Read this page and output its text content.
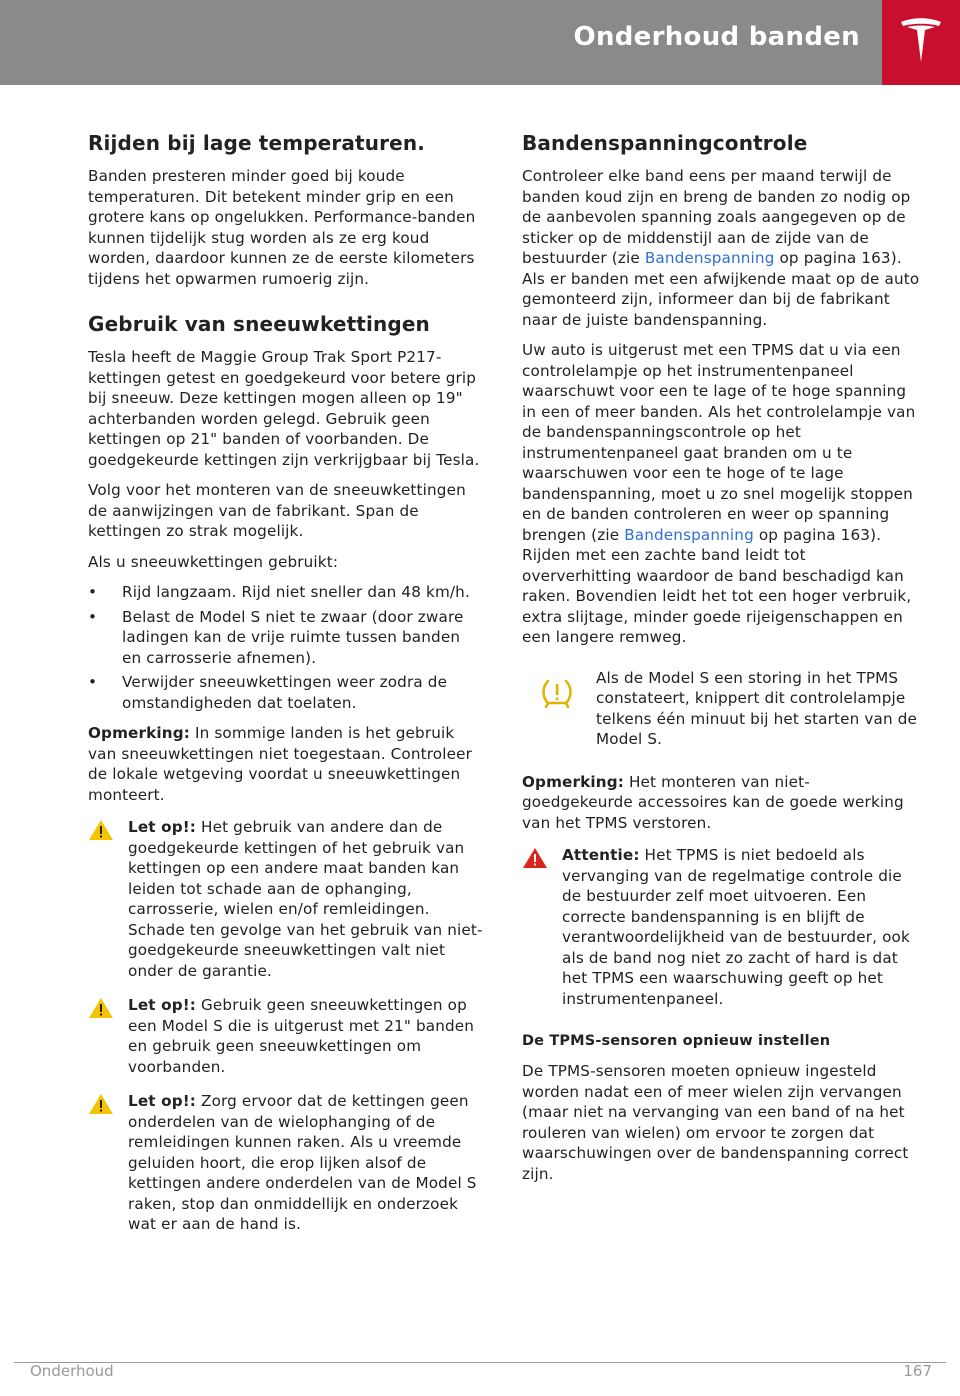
Onderhoud banden
Rijden bij lage temperaturen.

Banden presteren minder goed bij koude temperaturen. Dit betekent minder grip en een grotere kans op ongelukken. Performance-banden kunnen tijdelijk stug worden als ze erg koud worden, daardoor kunnen ze de eerste kilometers tijdens het opwarmen rumoerig zijn.

Gebruik van sneeuwkettingen

Tesla heeft de Maggie Group Trak Sport P217-kettingen getest en goedgekeurd voor betere grip bij sneeuw. Deze kettingen mogen alleen op 19" achterbanden worden gelegd. Gebruik geen kettingen op 21" banden of voorbanden. De goedgekeurde kettingen zijn verkrijgbaar bij Tesla.

Volg voor het monteren van de sneeuwkettingen de aanwijzingen van de fabrikant. Span de kettingen zo strak mogelijk.

Als u sneeuwkettingen gebruikt:

• Rijd langzaam. Rijd niet sneller dan 48 km/h.
• Belast de Model S niet te zwaar (door zware ladingen kan de vrije ruimte tussen banden en carrosserie afnemen).
• Verwijder sneeuwkettingen weer zodra de omstandigheden dat toelaten.

Opmerking: In sommige landen is het gebruik van sneeuwkettingen niet toegestaan. Controleer de lokale wetgeving voordat u sneeuwkettingen monteert.

Let op!: Het gebruik van andere dan de goedgekeurde kettingen of het gebruik van kettingen op een andere maat banden kan leiden tot schade aan de ophanging, carrosserie, wielen en/of remleidingen. Schade ten gevolge van het gebruik van niet-goedgekeurde sneeuwkettingen valt niet onder de garantie.
Let op!: Gebruik geen sneeuwkettingen op een Model S die is uitgerust met 21" banden en gebruik geen sneeuwkettingen om voorbanden.
Let op!: Zorg ervoor dat de kettingen geen onderdelen van de wielophanging of de remleidingen kunnen raken. Als u vreemde geluiden hoort, die erop lijken alsof de kettingen andere onderdelen van de Model S raken, stop dan onmiddellijk en onderzoek wat er aan de hand is.
Bandenspanningcontrole

Controleer elke band eens per maand terwijl de banden koud zijn en breng de banden zo nodig op de aanbevolen spanning zoals aangegeven op de sticker op de middenstijl aan de zijde van de bestuurder (zie Bandenspanning op pagina 163). Als er banden met een afwijkende maat op de auto gemonteerd zijn, informeer dan bij de fabrikant naar de juiste bandenspanning.

Uw auto is uitgerust met een TPMS dat u via een controlelampje op het instrumentenpaneel waarschuwt voor een te lage of te hoge spanning in een of meer banden. Als het controlelampje van de bandenspanningscontrole op het instrumentenpaneel gaat branden om u te waarschuwen voor een te hoge of te lage bandenspanning, moet u zo snel mogelijk stoppen en de banden controleren en weer op spanning brengen (zie Bandenspanning op pagina 163). Rijden met een zachte band leidt tot oververhitting waardoor de band beschadigd kan raken. Bovendien leidt het tot een hoger verbruik, extra slijtage, minder goede rijeigenschappen en een langere remweg.

Als de Model S een storing in het TPMS constateert, knippert dit controlelampje telkens één minuut bij het starten van de Model S.

Opmerking: Het monteren van niet-goedgekeurde accessoires kan de goede werking van het TPMS verstoren.

Attentie: Het TPMS is niet bedoeld als vervanging van de regelmatige controle die de bestuurder zelf moet uitvoeren. Een correcte bandenspanning is en blijft de verantwoordelijkheid van de bestuurder, ook als de band nog niet zo zacht of hard is dat het TPMS een waarschuwing geeft op het instrumentenpaneel.
De TPMS-sensoren opnieuw instellen

De TPMS-sensoren moeten opnieuw ingesteld worden nadat een of meer wielen zijn vervangen (maar niet na vervanging van een band of na het rouleren van wielen) om ervoor te zorgen dat waarschuwingen over de bandenspanning correct zijn.

Onderhoud	167
